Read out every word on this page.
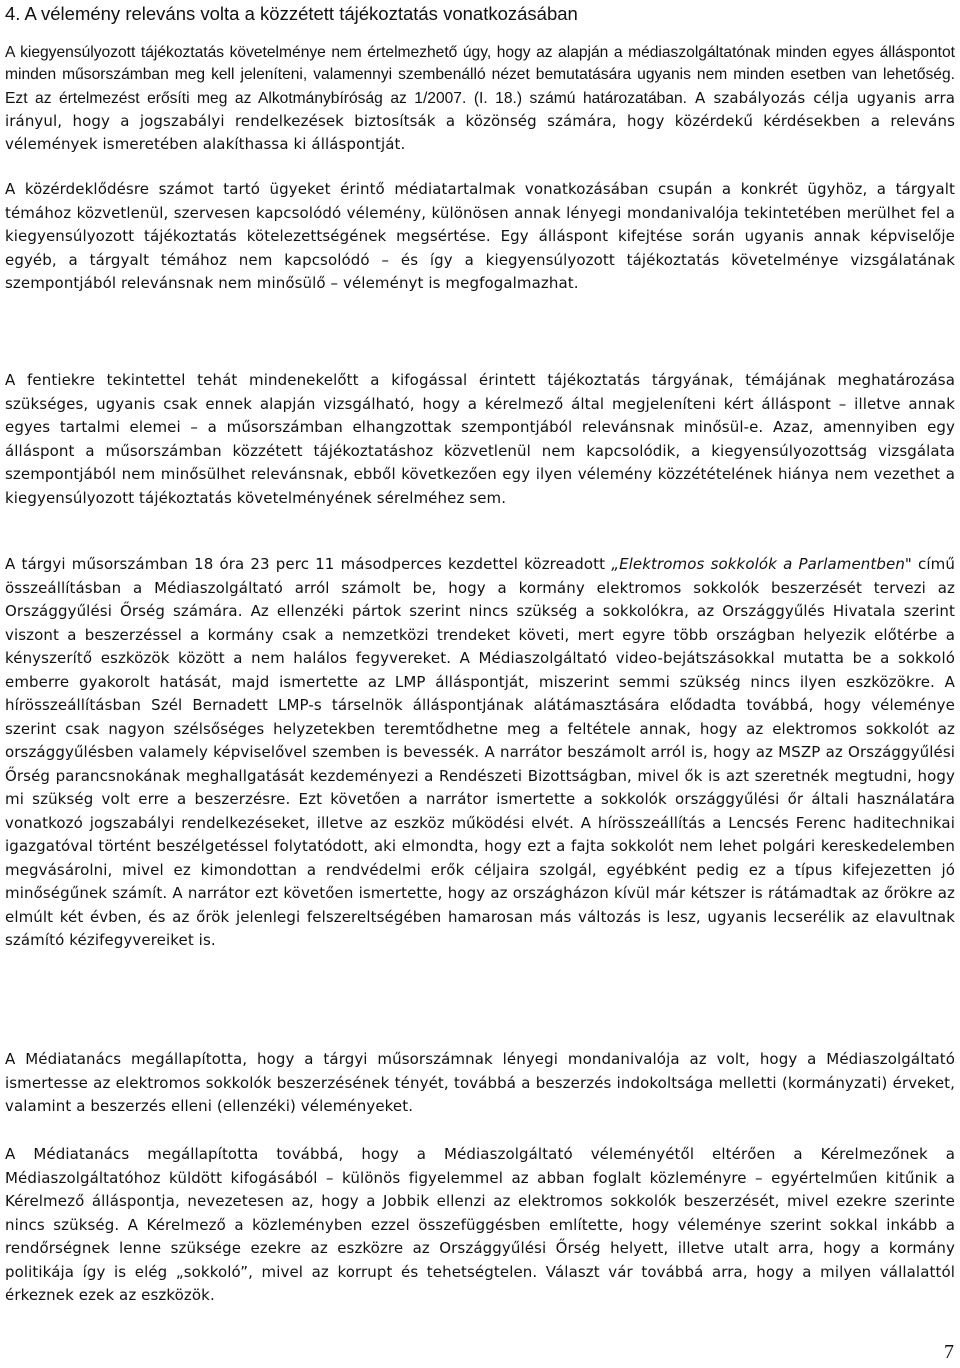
4. A vélemény releváns volta a közzétett tájékoztatás vonatkozásában

A kiegyensúlyozott tájékoztatás követelménye nem értelmezhető úgy, hogy az alapján a médiaszolgáltatónak minden egyes álláspontot minden műsorszámban meg kell jeleníteni, valamennyi szembenálló nézet bemutatására ugyanis nem minden esetben van lehetőség. Ezt az értelmezést erősíti meg az Alkotmánybíróság az 1/2007. (I. 18.) számú határozatában. A szabályozás célja ugyanis arra irányul, hogy a jogszabályi rendelkezések biztosítsák a közönség számára, hogy közérdekű kérdésekben a releváns vélemények ismeretében alakíthassa ki álláspontját.

A közérdeklődésre számot tartó ügyeket érintő médiatartalmak vonatkozásában csupán a konkrét ügyhöz, a tárgyalt témához közvetlenül, szervesen kapcsolódó vélemény, különösen annak lényegi mondanivalója tekintetében merülhet fel a kiegyensúlyozott tájékoztatás kötelezettségének megsértése. Egy álláspont kifejtése során ugyanis annak képviselője egyéb, a tárgyalt témához nem kapcsolódó – és így a kiegyensúlyozott tájékoztatás követelménye vizsgálatának szempontjából relevánsnak nem minősülő – véleményt is megfogalmazhat.

A fentiekre tekintettel tehát mindenekelőtt a kifogással érintett tájékoztatás tárgyának, témájának meghatározása szükséges, ugyanis csak ennek alapján vizsgálható, hogy a kérelmező által megjeleníteni kért álláspont – illetve annak egyes tartalmi elemei – a műsorszámban elhangzottak szempontjából relevánsnak minősül-e. Azaz, amennyiben egy álláspont a műsorszámban közzétett tájékoztatáshoz közvetlenül nem kapcsolódik, a kiegyensúlyozottság vizsgálata szempontjából nem minősülhet relevánsnak, ebből következően egy ilyen vélemény közzétételének hiánya nem vezethet a kiegyensúlyozott tájékoztatás követelményének sérelméhez sem.

A tárgyi műsorszámban 18 óra 23 perc 11 másodperces kezdettel közreadott „Elektromos sokkolók a Parlamentben" című összeállításban a Médiaszolgáltató arról számolt be, hogy a kormány elektromos sokkolók beszerzését tervezi az Országgyűlési Őrség számára. Az ellenzéki pártok szerint nincs szükség a sokkolókra, az Országgyűlés Hivatala szerint viszont a beszerzéssel a kormány csak a nemzetközi trendeket követi, mert egyre több országban helyezik előtérbe a kényszerítő eszközök között a nem halálos fegyvereket. A Médiaszolgáltató video-bejátszásokkal mutatta be a sokkoló emberre gyakorolt hatását, majd ismertette az LMP álláspontját, miszerint semmi szükség nincs ilyen eszközökre. A hírösszeállításban Szél Bernadett LMP-s társelnök álláspontjának alátámasztására elődadta továbbá, hogy véleménye szerint csak nagyon szélsőséges helyzetekben teremtődhetne meg a feltétele annak, hogy az elektromos sokkolót az országgyűlésben valamely képviselővel szemben is bevessék. A narrátor beszámolt arról is, hogy az MSZP az Országgyűlési Őrség parancsnokának meghallgatását kezdeményezi a Rendészeti Bizottságban, mivel ők is azt szeretnék megtudni, hogy mi szükség volt erre a beszerzésre. Ezt követően a narrátor ismertette a sokkolók országgyűlési őr általi használatára vonatkozó jogszabályi rendelkezéseket, illetve az eszköz működési elvét. A hírösszeállítás a Lencsés Ferenc haditechnikai igazgatóval történt beszélgetéssel folytatódott, aki elmondta, hogy ezt a fajta sokkolót nem lehet polgári kereskedelemben megvásárolni, mivel ez kimondottan a rendvédelmi erők céljaira szolgál, egyébként pedig ez a típus kifejezetten jó minőségűnek számít. A narrátor ezt követően ismertette, hogy az országházon kívül már kétszer is rátámadtak az őrökre az elmúlt két évben, és az őrök jelenlegi felszereltségében hamarosan más változás is lesz, ugyanis lecserélik az elavultnak számító kézifegyvereiket is.

A Médiatanács megállapította, hogy a tárgyi műsorszámnak lényegi mondanivalója az volt, hogy a Médiaszolgáltató ismertesse az elektromos sokkolók beszerzésének tényét, továbbá a beszerzés indokoltsága melletti (kormányzati) érveket, valamint a beszerzés elleni (ellenzéki) véleményeket.

A Médiatanács megállapította továbbá, hogy a Médiaszolgáltató véleményétől eltérően a Kérelmezőnek a Médiaszolgáltatóhoz küldött kifogásából – különös figyelemmel az abban foglalt közleményre – egyértelműen kitűnik a Kérelmező álláspontja, nevezetesen az, hogy a Jobbik ellenzi az elektromos sokkolók beszerzését, mivel ezekre szerinte nincs szükség. A Kérelmező a közleményben ezzel összefüggésben említette, hogy véleménye szerint sokkal inkább a rendőrségnek lenne szüksége ezekre az eszközre az Országgyűlési Őrség helyett, illetve utalt arra, hogy a kormány politikája így is elég „sokkoló”, mivel az korrupt és tehetségtelen. Választ vár továbbá arra, hogy a milyen vállalattól érkeznek ezek az eszközök.

7
